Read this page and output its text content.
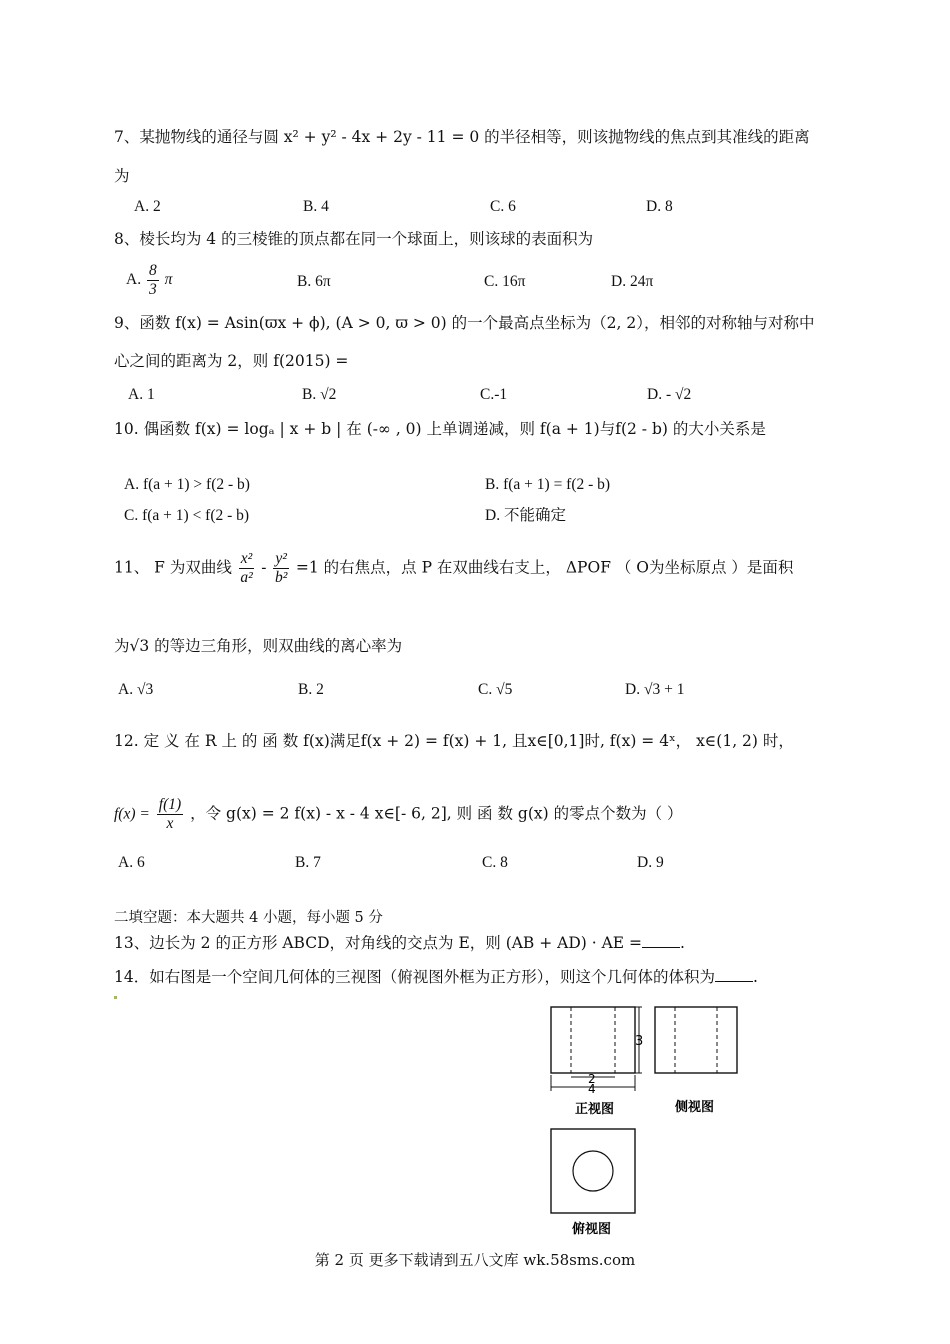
7、某抛物线的通径与圆 x² + y² - 4x + 2y - 11 = 0 的半径相等，则该抛物线的焦点到其准线的距离
为
A. 2	B. 4	C. 6	D. 8
8、棱长均为 4 的三棱锥的顶点都在同一个球面上，则该球的表面积为
A. $\frac{8}{3}$ π	B. 6π	C. 16π	D. 24π
9、函数 f(x) = Asin(ϖx + ϕ), (A > 0, ϖ > 0) 的一个最高点坐标为（2, 2），相邻的对称轴与对称中
心之间的距离为 2，则 f(2015) =
A. 1	B. √2	C.-1	D. - √2
10. 偶函数 f(x) = logₐ | x + b | 在 (-∞ , 0) 上单调递减，则 f(a + 1)与f(2 - b) 的大小关系是
A. f(a + 1) > f(2 - b)	B. f(a + 1) = f(2 - b)
C. f(a + 1) < f(2 - b)	D. 不能确定
11、 F 为双曲线 $\frac{\text{x²}}{\text{a²}} - \frac{\text{y²}}{\text{b²}} =1$ 的右焦点，点 P 在双曲线右支上， ΔPOF （ O为坐标原点 ）是面积
为√3 的等边三角形，则双曲线的离心率为
A. √3	B. 2	C. √5	D. √3 + 1
12. 定 义 在 R 上 的 函 数 f(x)满足f(x + 2) = f(x) + 1, 且x∈[0,1]时, f(x) = 4ˣ， x∈(1, 2) 时，
$f(x) = \frac{f(1)}{x}$ ，令 g(x) = 2 f(x) - x - 4 x∈[- 6, 2], 则 函 数 g(x) 的零点个数为（ ）
A. 6	B. 7	C. 8	D. 9
二填空题：本大题共 4 小题，每小题 5 分
13、边长为 2 的正方形 ABCD，对角线的交点为 E，则 (AB + AD) · AE = .
14．如右图是一个空间几何体的三视图（俯视图外框为正方形），则这个几何体的体积为 .
3
2
4
正视图	侧视图
俯视图
第 2 页 更多下载请到五八文库 wk.58sms.com
